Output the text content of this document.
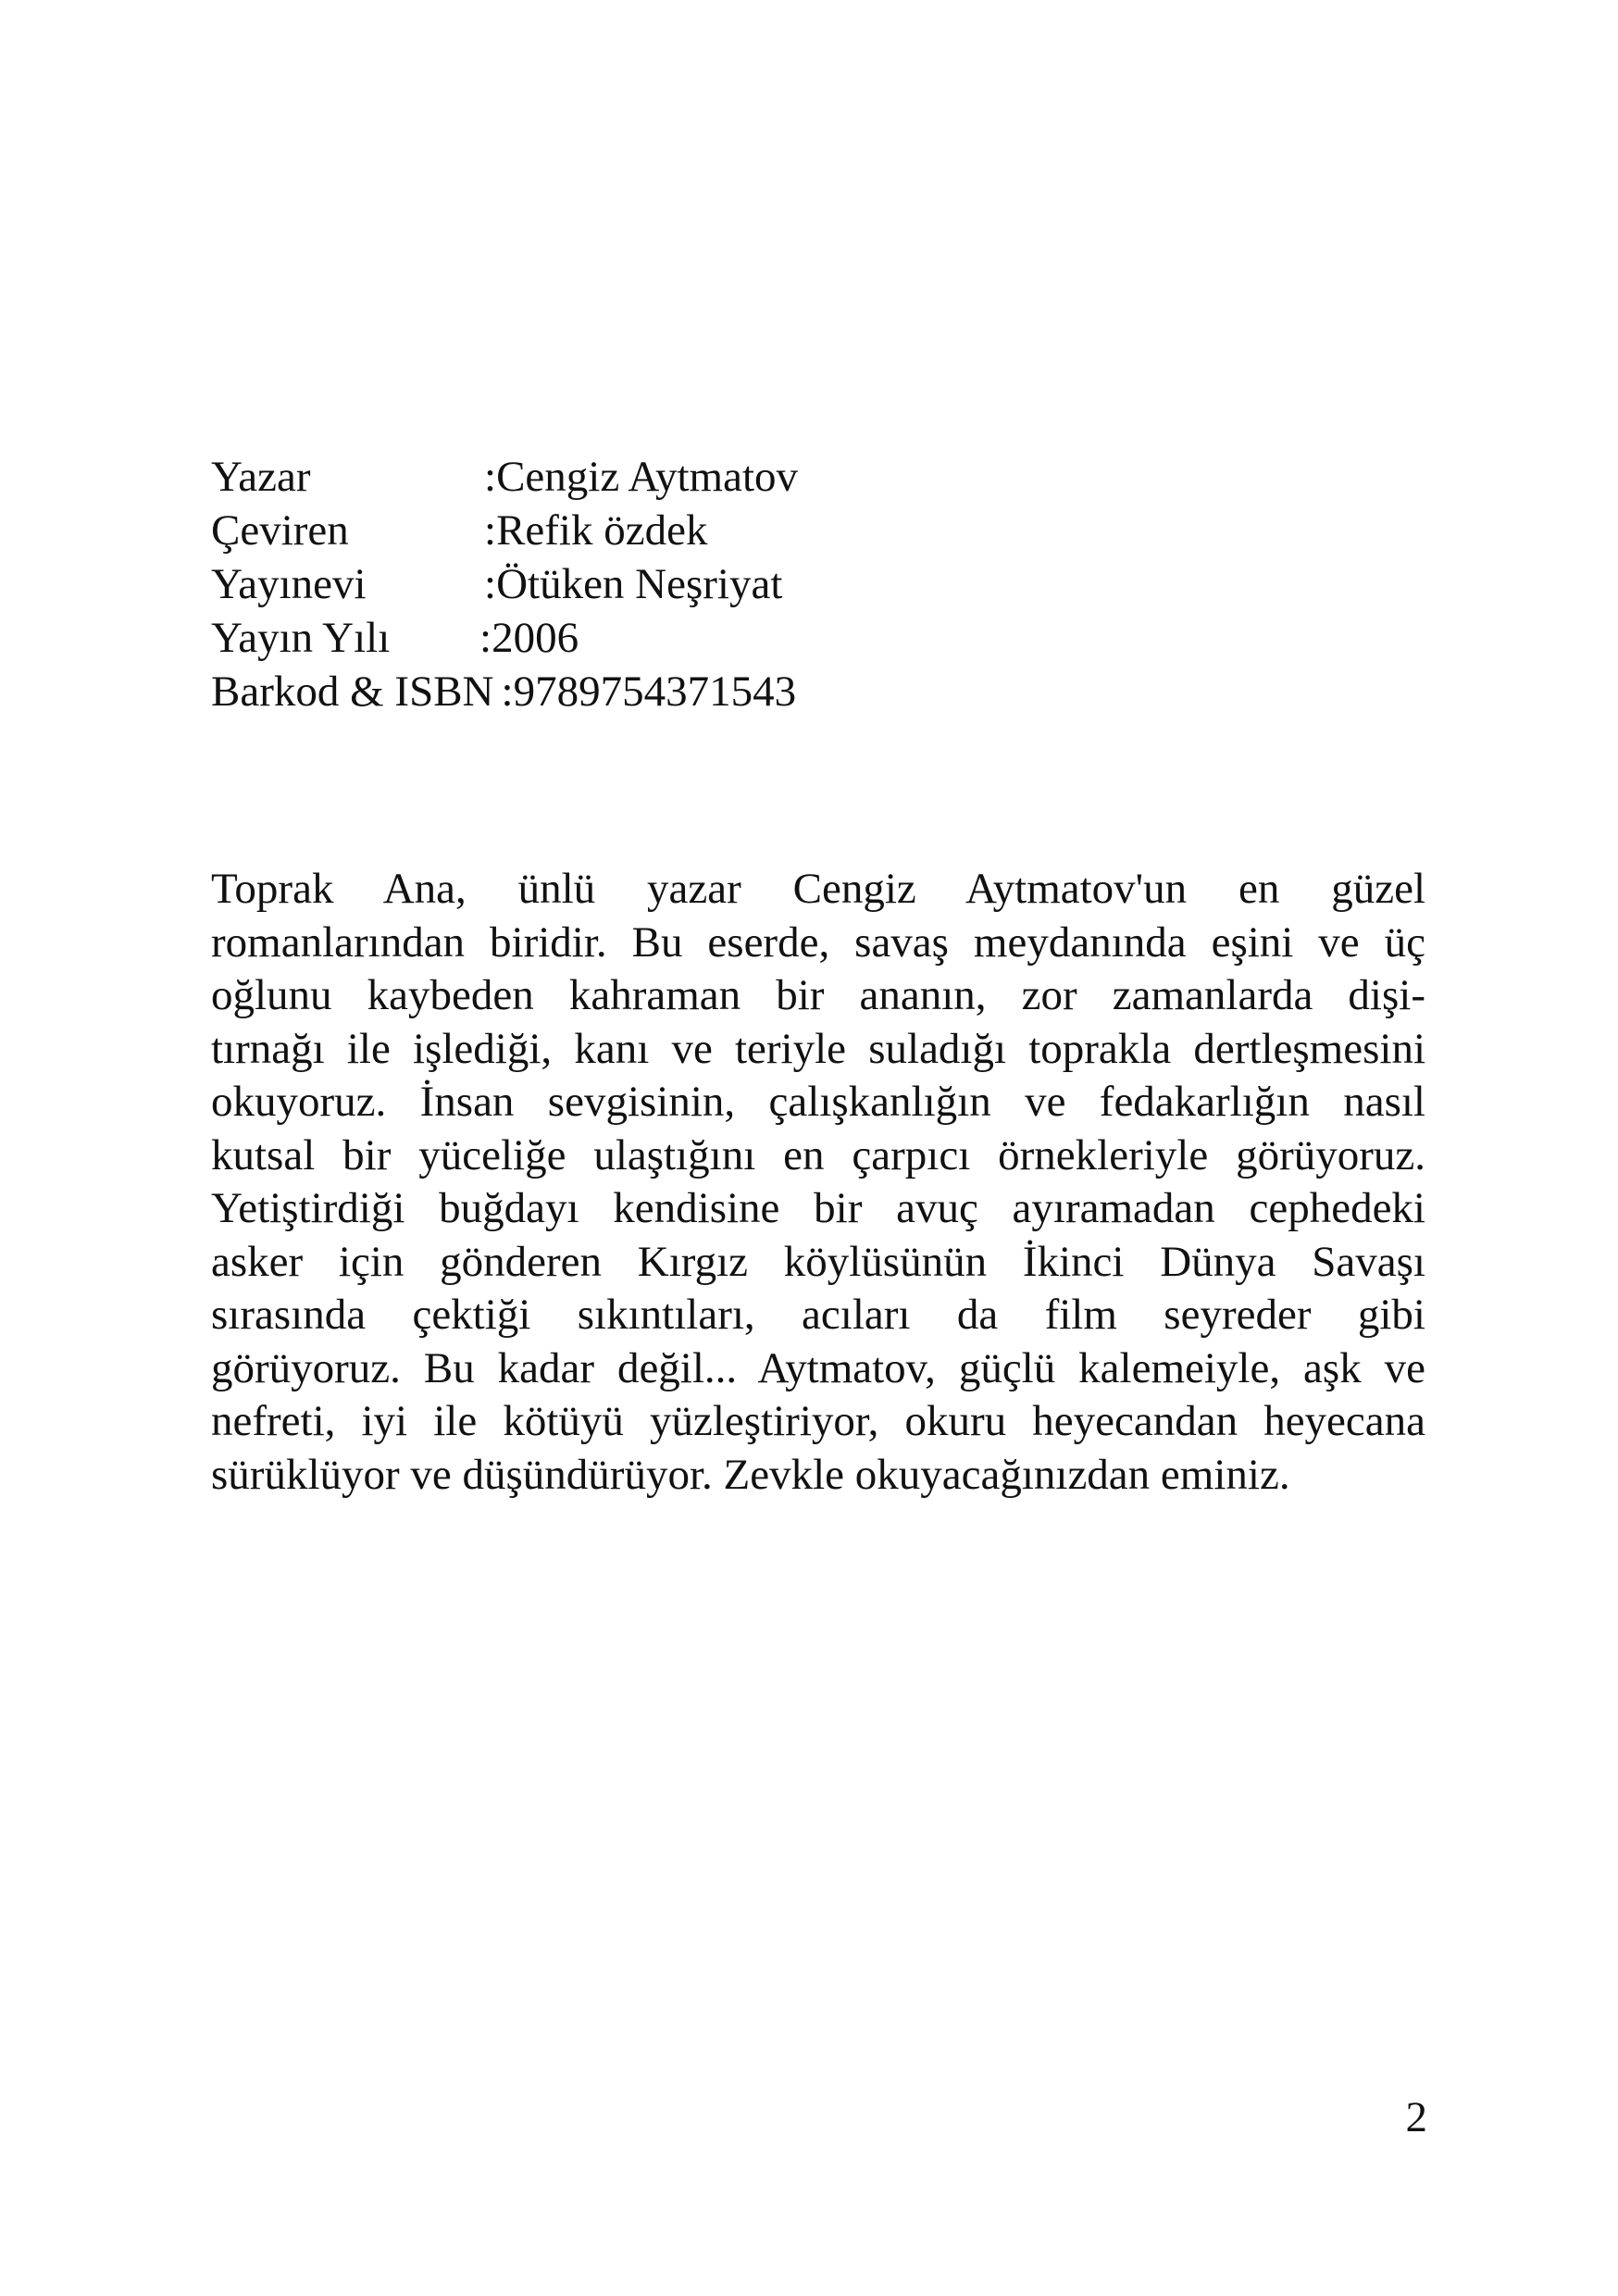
Yazar	:Cengiz Aytmatov
Çeviren	:Refik özdek
Yayınevi	:Ötüken Neşriyat
Yayın Yılı :2006
Barkod & ISBN :9789754371543
Toprak Ana, ünlü yazar Cengiz Aytmatov'un en güzel
romanlarından biridir. Bu eserde, savaş meydanında eşini ve üç
oğlunu kaybeden kahraman bir ananın, zor zamanlarda dişi-
tırnağı ile işlediği, kanı ve teriyle suladığı toprakla dertleşmesini
okuyoruz. İnsan sevgisinin, çalışkanlığın ve fedakarlığın nasıl
kutsal bir yüceliğe ulaştığını en çarpıcı örnekleriyle görüyoruz.
Yetiştirdiği buğdayı kendisine bir avuç ayıramadan cephedeki
asker için gönderen Kırgız köylüsünün İkinci Dünya Savaşı
sırasında çektiği sıkıntıları, acıları da film seyreder gibi
görüyoruz. Bu kadar değil... Aytmatov, güçlü kalemeiyle, aşk ve
nefreti, iyi ile kötüyü yüzleştiriyor, okuru heyecandan heyecana
sürüklüyor ve düşündürüyor. Zevkle okuyacağınızdan eminiz.
2
